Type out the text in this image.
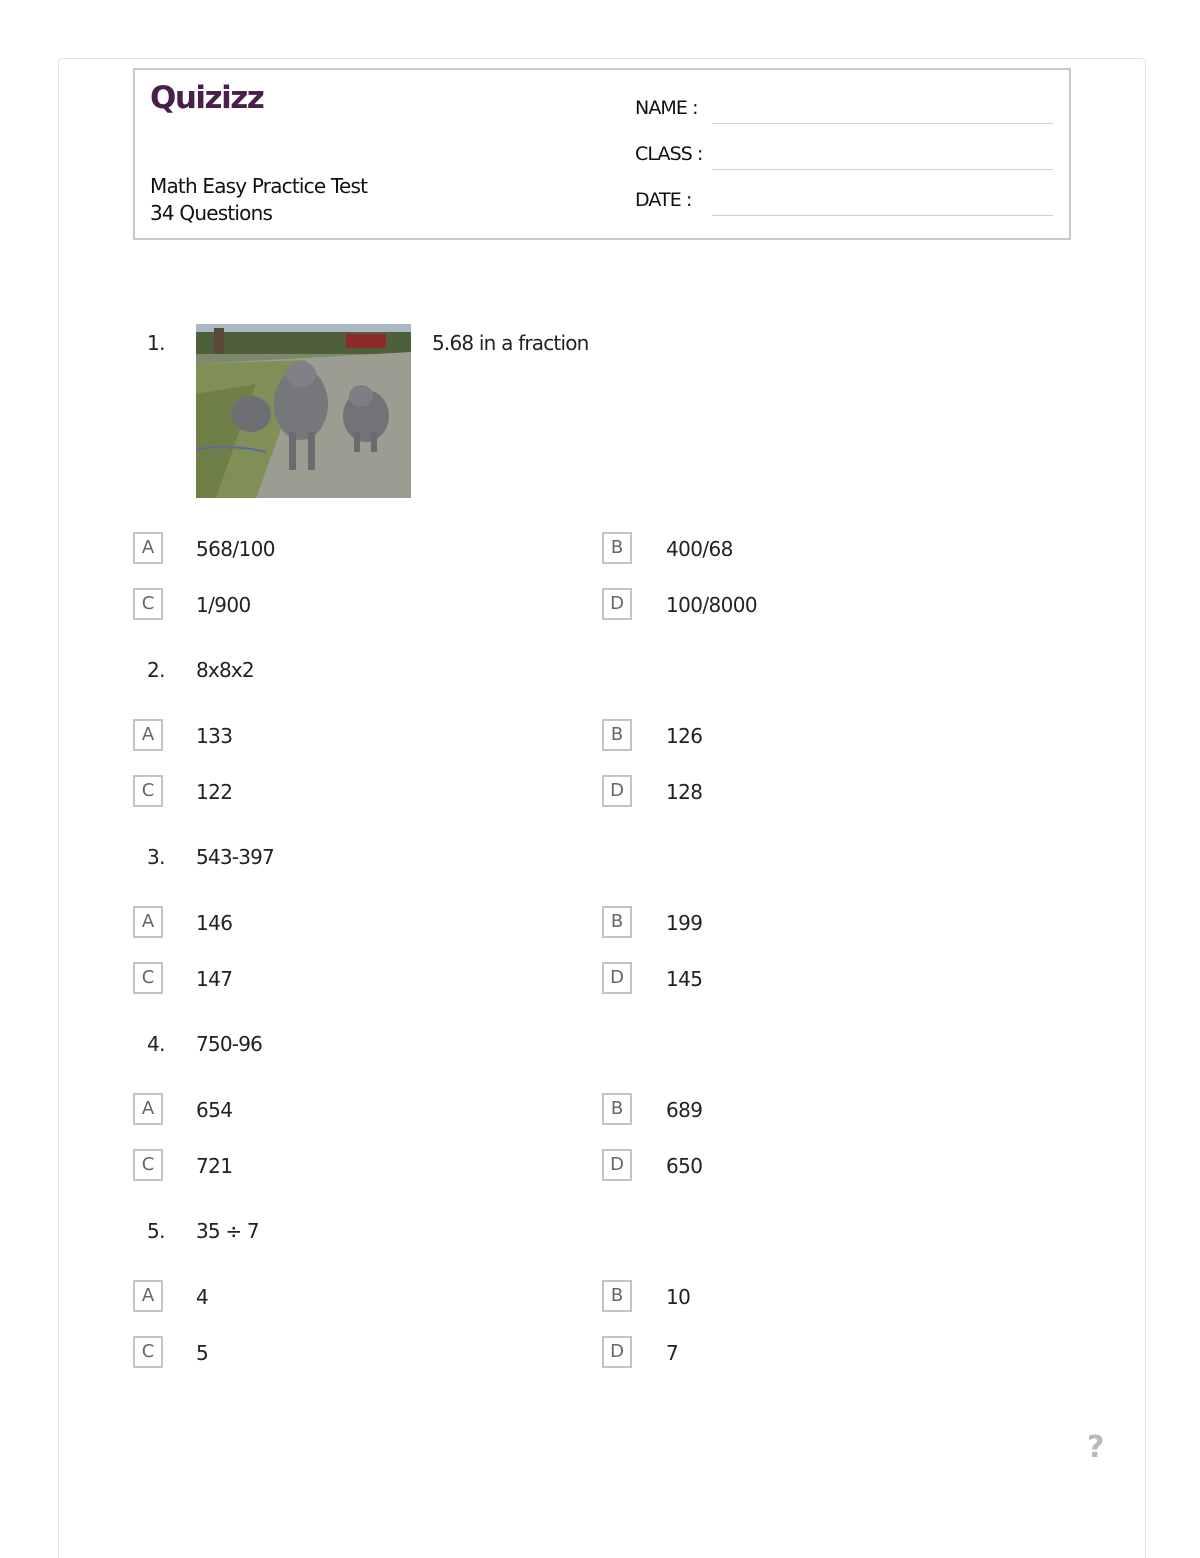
Quizizz
Math Easy Practice Test
34 Questions
NAME :
CLASS :
DATE :
1.	5.68 in a fraction
A	568/100	B	400/68
C	1/900	D	100/8000
2. 8x8x2
A	133	B	126
C	122	D	128
3. 543-397
A	146	B	199
C	147	D	145
4. 750-96
A	654	B	689
C	721	D	650
5. 35 ÷ 7
A	4	B	10
C	5	D	7
?
